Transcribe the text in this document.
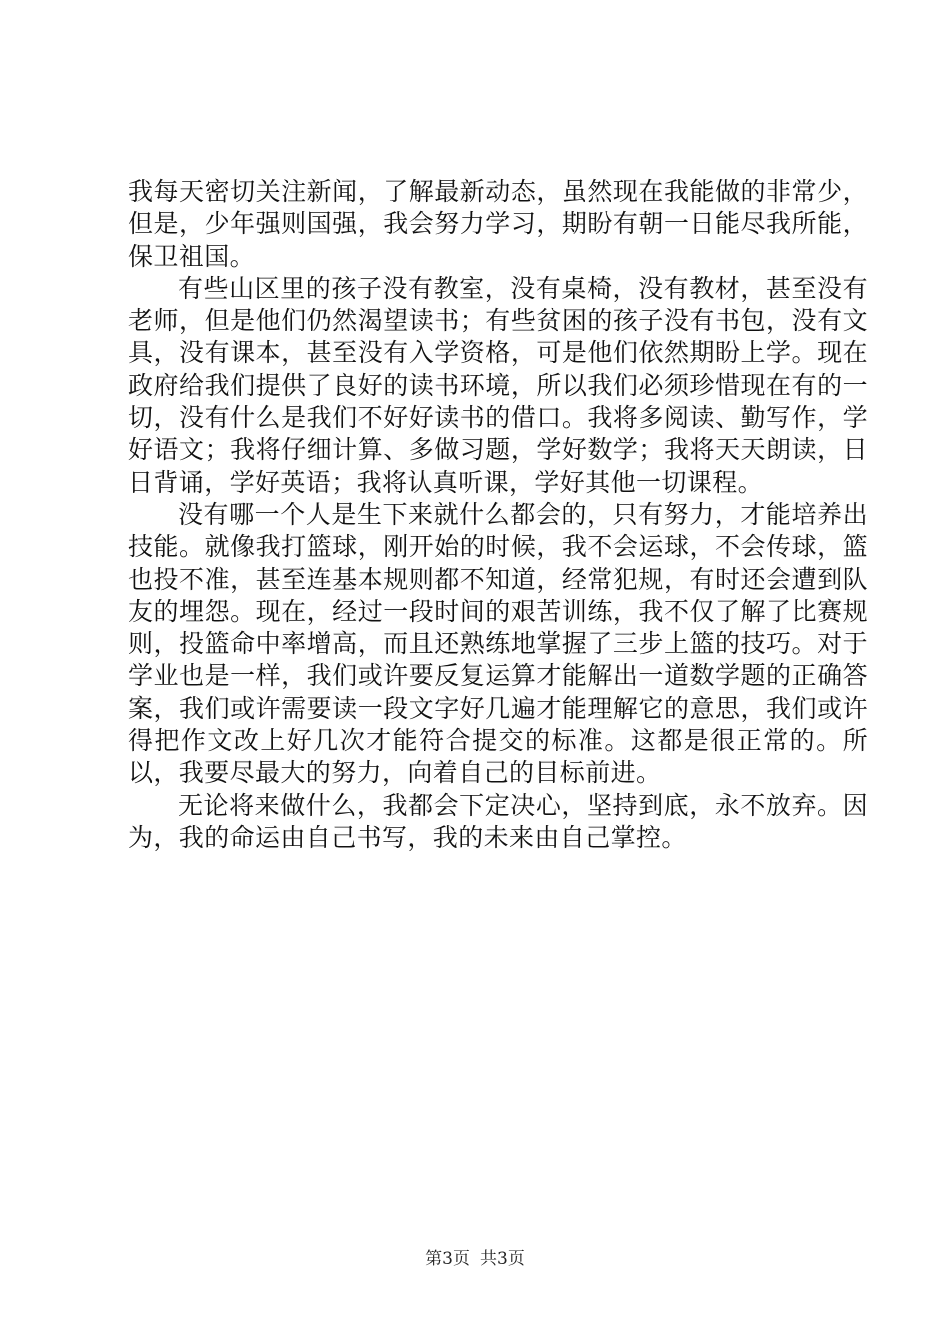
我每天密切关注新闻，了解最新动态，虽然现在我能做的非常少，但是，少年强则国强，我会努力学习，期盼有朝一日能尽我所能，保卫祖国。

有些山区里的孩子没有教室，没有桌椅，没有教材，甚至没有老师，但是他们仍然渴望读书；有些贫困的孩子没有书包，没有文具，没有课本，甚至没有入学资格，可是他们依然期盼上学。现在政府给我们提供了良好的读书环境，所以我们必须珍惜现在有的一切，没有什么是我们不好好读书的借口。我将多阅读、勤写作，学好语文；我将仔细计算、多做习题，学好数学；我将天天朗读，日日背诵，学好英语；我将认真听课，学好其他一切课程。

没有哪一个人是生下来就什么都会的，只有努力，才能培养出技能。就像我打篮球，刚开始的时候，我不会运球，不会传球，篮也投不准，甚至连基本规则都不知道，经常犯规，有时还会遭到队友的埋怨。现在，经过一段时间的艰苦训练，我不仅了解了比赛规则，投篮命中率增高，而且还熟练地掌握了三步上篮的技巧。对于学业也是一样，我们或许要反复运算才能解出一道数学题的正确答案，我们或许需要读一段文字好几遍才能理解它的意思，我们或许得把作文改上好几次才能符合提交的标准。这都是很正常的。所以，我要尽最大的努力，向着自己的目标前进。

无论将来做什么，我都会下定决心，坚持到底，永不放弃。因为，我的命运由自己书写，我的未来由自己掌控。

第3页 共3页
